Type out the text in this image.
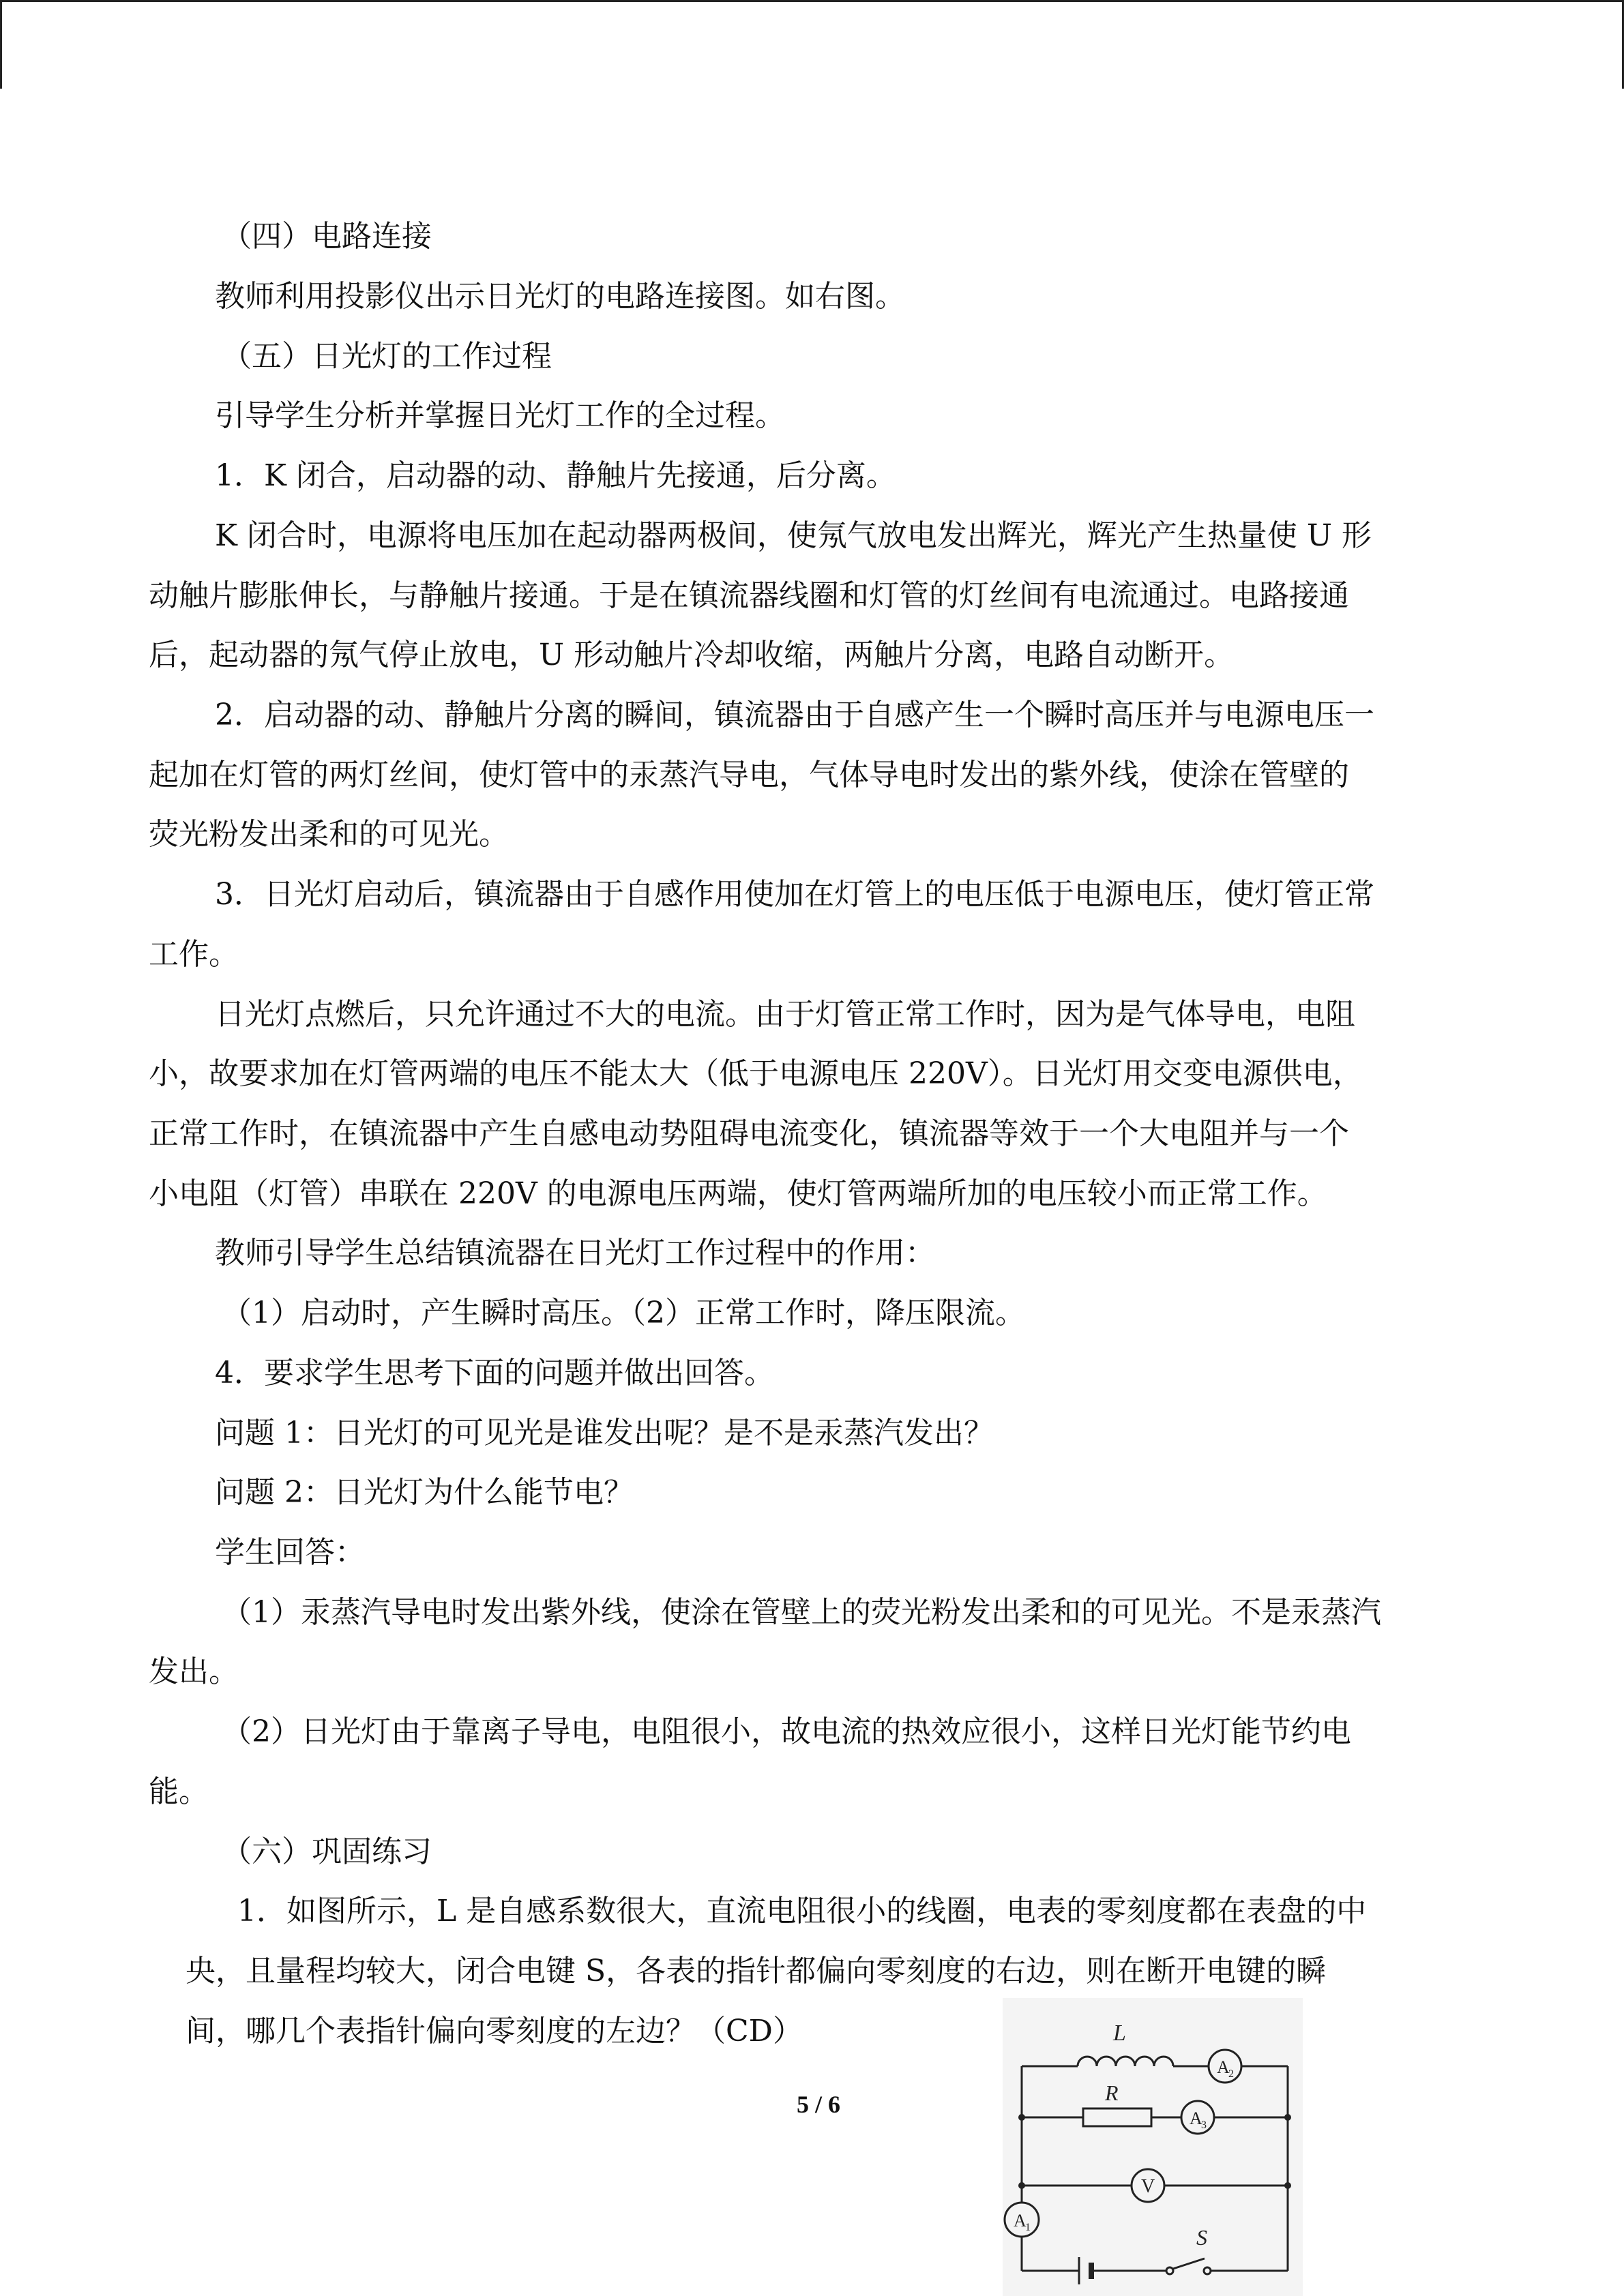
（四）电路连接
教师利用投影仪出示日光灯的电路连接图。如右图。
（五）日光灯的工作过程
引导学生分析并掌握日光灯工作的全过程。
1．K 闭合，启动器的动、静触片先接通，后分离。
K 闭合时，电源将电压加在起动器两极间，使氖气放电发出辉光，辉光产生热量使 U 形
动触片膨胀伸长，与静触片接通。于是在镇流器线圈和灯管的灯丝间有电流通过。电路接通
后，起动器的氖气停止放电，U 形动触片冷却收缩，两触片分离，电路自动断开。
2．启动器的动、静触片分离的瞬间，镇流器由于自感产生一个瞬时高压并与电源电压一
起加在灯管的两灯丝间，使灯管中的汞蒸汽导电，气体导电时发出的紫外线，使涂在管壁的
荧光粉发出柔和的可见光。
3．日光灯启动后，镇流器由于自感作用使加在灯管上的电压低于电源电压，使灯管正常
工作。
日光灯点燃后，只允许通过不大的电流。由于灯管正常工作时，因为是气体导电，电阻
小，故要求加在灯管两端的电压不能太大（低于电源电压 220V）。日光灯用交变电源供电，
正常工作时，在镇流器中产生自感电动势阻碍电流变化，镇流器等效于一个大电阻并与一个
小电阻（灯管）串联在 220V 的电源电压两端，使灯管两端所加的电压较小而正常工作。
教师引导学生总结镇流器在日光灯工作过程中的作用：
（1）启动时，产生瞬时高压。（2）正常工作时，降压限流。
4．要求学生思考下面的问题并做出回答。
问题 1：日光灯的可见光是谁发出呢？是不是汞蒸汽发出？
问题 2：日光灯为什么能节电？
学生回答：
（1）汞蒸汽导电时发出紫外线，使涂在管壁上的荧光粉发出柔和的可见光。不是汞蒸汽
发出。
（2）日光灯由于靠离子导电，电阻很小，故电流的热效应很小，这样日光灯能节约电
能。
（六）巩固练习
1．如图所示，L 是自感系数很大，直流电阻很小的线圈，电表的零刻度都在表盘的中
央，且量程均较大，闭合电键 S，各表的指针都偏向零刻度的右边，则在断开电键的瞬
间，哪几个表指针偏向零刻度的左边？（CD）	L
R
A
2
A
3
V
A
1	S
5 / 6
